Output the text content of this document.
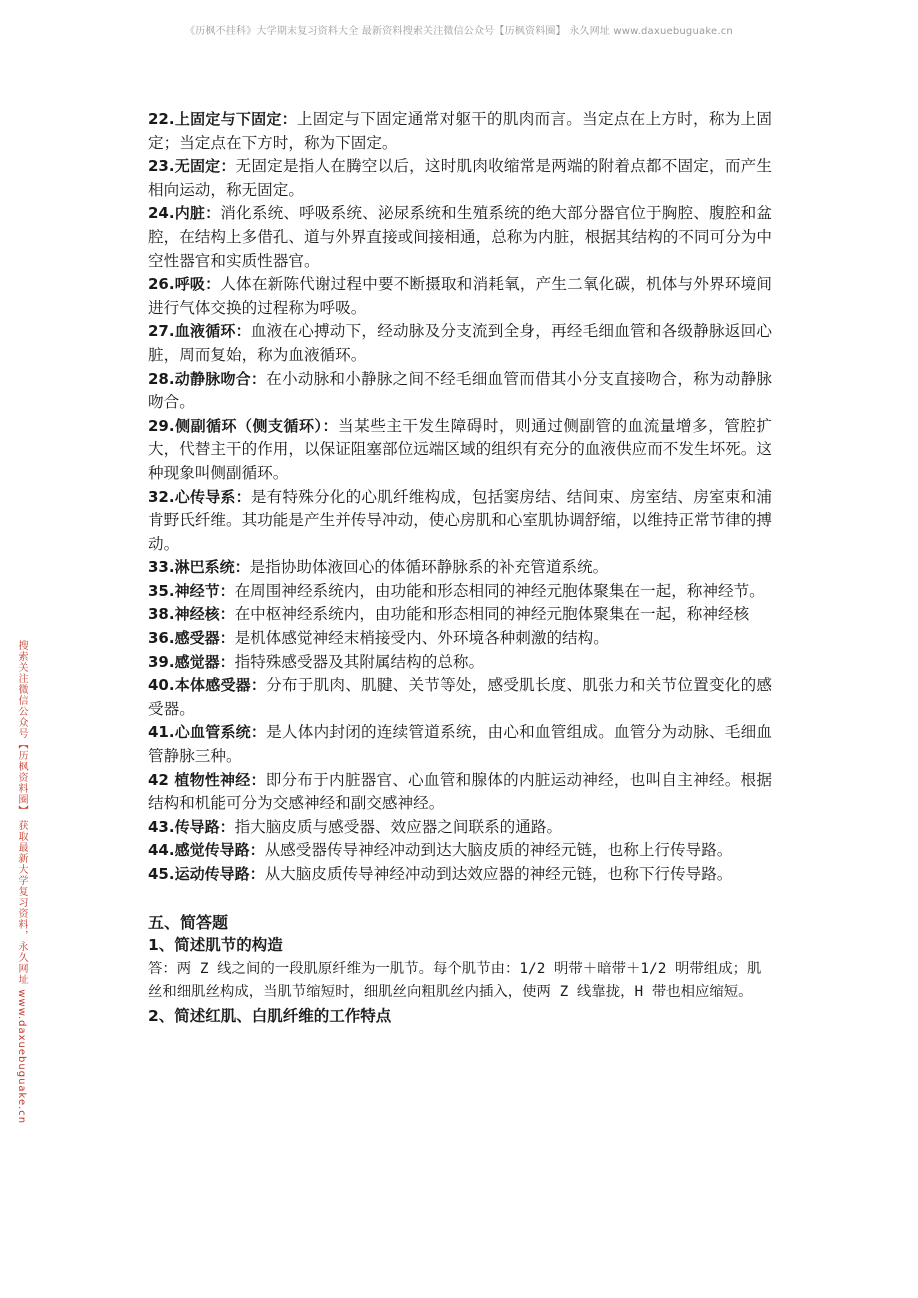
《历枫不挂科》大学期末复习资料大全 最新资料搜索关注微信公众号【历枫资料圈】 永久网址 www.daxuebuguake.cn
搜索关注微信公众号【历枫资料圈】 获取最新大学复习资料，永久网址 www.daxuebuguake.cn

22.上固定与下固定：上固定与下固定通常对躯干的肌肉而言。当定点在上方时，称为上固定；当定点在下方时，称为下固定。

23.无固定：无固定是指人在腾空以后，这时肌肉收缩常是两端的附着点都不固定，而产生相向运动，称无固定。

24.内脏：消化系统、呼吸系统、泌尿系统和生殖系统的绝大部分器官位于胸腔、腹腔和盆腔，在结构上多借孔、道与外界直接或间接相通，总称为内脏，根据其结构的不同可分为中空性器官和实质性器官。

26.呼吸：人体在新陈代谢过程中要不断摄取和消耗氧，产生二氧化碳，机体与外界环境间进行气体交换的过程称为呼吸。

27.血液循环：血液在心搏动下，经动脉及分支流到全身，再经毛细血管和各级静脉返回心脏，周而复始，称为血液循环。

28.动静脉吻合：在小动脉和小静脉之间不经毛细血管而借其小分支直接吻合，称为动静脉吻合。

29.侧副循环（侧支循环）：当某些主干发生障碍时，则通过侧副管的血流量增多，管腔扩大，代替主干的作用，以保证阻塞部位远端区域的组织有充分的血液供应而不发生坏死。这种现象叫侧副循环。

32.心传导系：是有特殊分化的心肌纤维构成，包括窦房结、结间束、房室结、房室束和浦肯野氏纤维。其功能是产生并传导冲动，使心房肌和心室肌协调舒缩，以维持正常节律的搏动。

33.淋巴系统：是指协助体液回心的体循环静脉系的补充管道系统。

35.神经节：在周围神经系统内，由功能和形态相同的神经元胞体聚集在一起，称神经节。

38.神经核：在中枢神经系统内，由功能和形态相同的神经元胞体聚集在一起，称神经核

36.感受器：是机体感觉神经末梢接受内、外环境各种刺激的结构。

39.感觉器：指特殊感受器及其附属结构的总称。

40.本体感受器：分布于肌肉、肌腱、关节等处，感受肌长度、肌张力和关节位置变化的感受器。

41.心血管系统：是人体内封闭的连续管道系统，由心和血管组成。血管分为动脉、毛细血管静脉三种。

42 植物性神经：即分布于内脏器官、心血管和腺体的内脏运动神经，也叫自主神经。根据结构和机能可分为交感神经和副交感神经。

43.传导路：指大脑皮质与感受器、效应器之间联系的通路。

44.感觉传导路：从感受器传导神经冲动到达大脑皮质的神经元链，也称上行传导路。

45.运动传导路：从大脑皮质传导神经冲动到达效应器的神经元链，也称下行传导路。

五、简答题
1、简述肌节的构造

答：两 Z 线之间的一段肌原纤维为一肌节。每个肌节由：1/2 明带＋暗带＋1/2 明带组成；肌丝和细肌丝构成，当肌节缩短时，细肌丝向粗肌丝内插入，使两 Z 线靠拢，H 带也相应缩短。

2、简述红肌、白肌纤维的工作特点
